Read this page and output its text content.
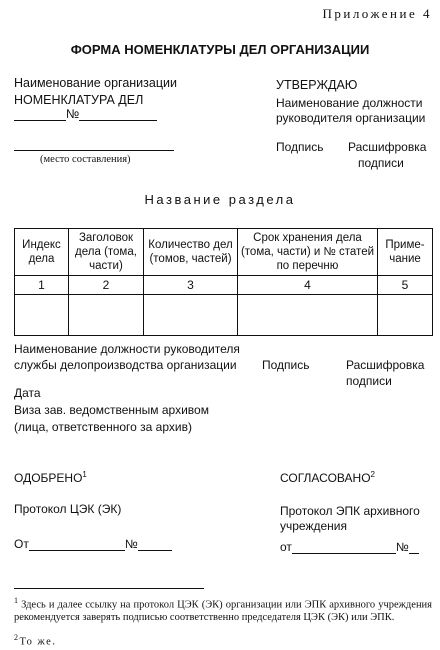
Приложение 4
ФОРМА НОМЕНКЛАТУРЫ ДЕЛ ОРГАНИЗАЦИИ
Наименование организации
НОМЕНКЛАТУРА ДЕЛ
№
(место составления)
УТВЕРЖДАЮ
Наименование должности
руководителя организации
Подпись Расшифровка
подписи
Название раздела
Индекс дела	Заголовок дела (тома, части)	Количество дел (томов, частей)	Срок хранения дела (тома, части) и № статей по перечню	Приме-чание
1	2	3	4	5

Наименование должности руководителя
службы делопроизводства организации Подпись	Расшифровка
подписи
Дата
Виза зав. ведомственным архивом
(лица, ответственного за архив)
ОДОБРЕНО$^1$
Протокол ЦЭК (ЭК)
От	№
СОГЛАСОВАНО$^2$
Протокол ЭПК архивного
учреждения
от	№
$^1$ Здесь и далее ссылку на протокол ЦЭК (ЭК) организации или ЭПК архивного учреждения рекомендуется заверять подписью соответственно председателя ЦЭК (ЭК) или ЭПК.
$^2$То же.
